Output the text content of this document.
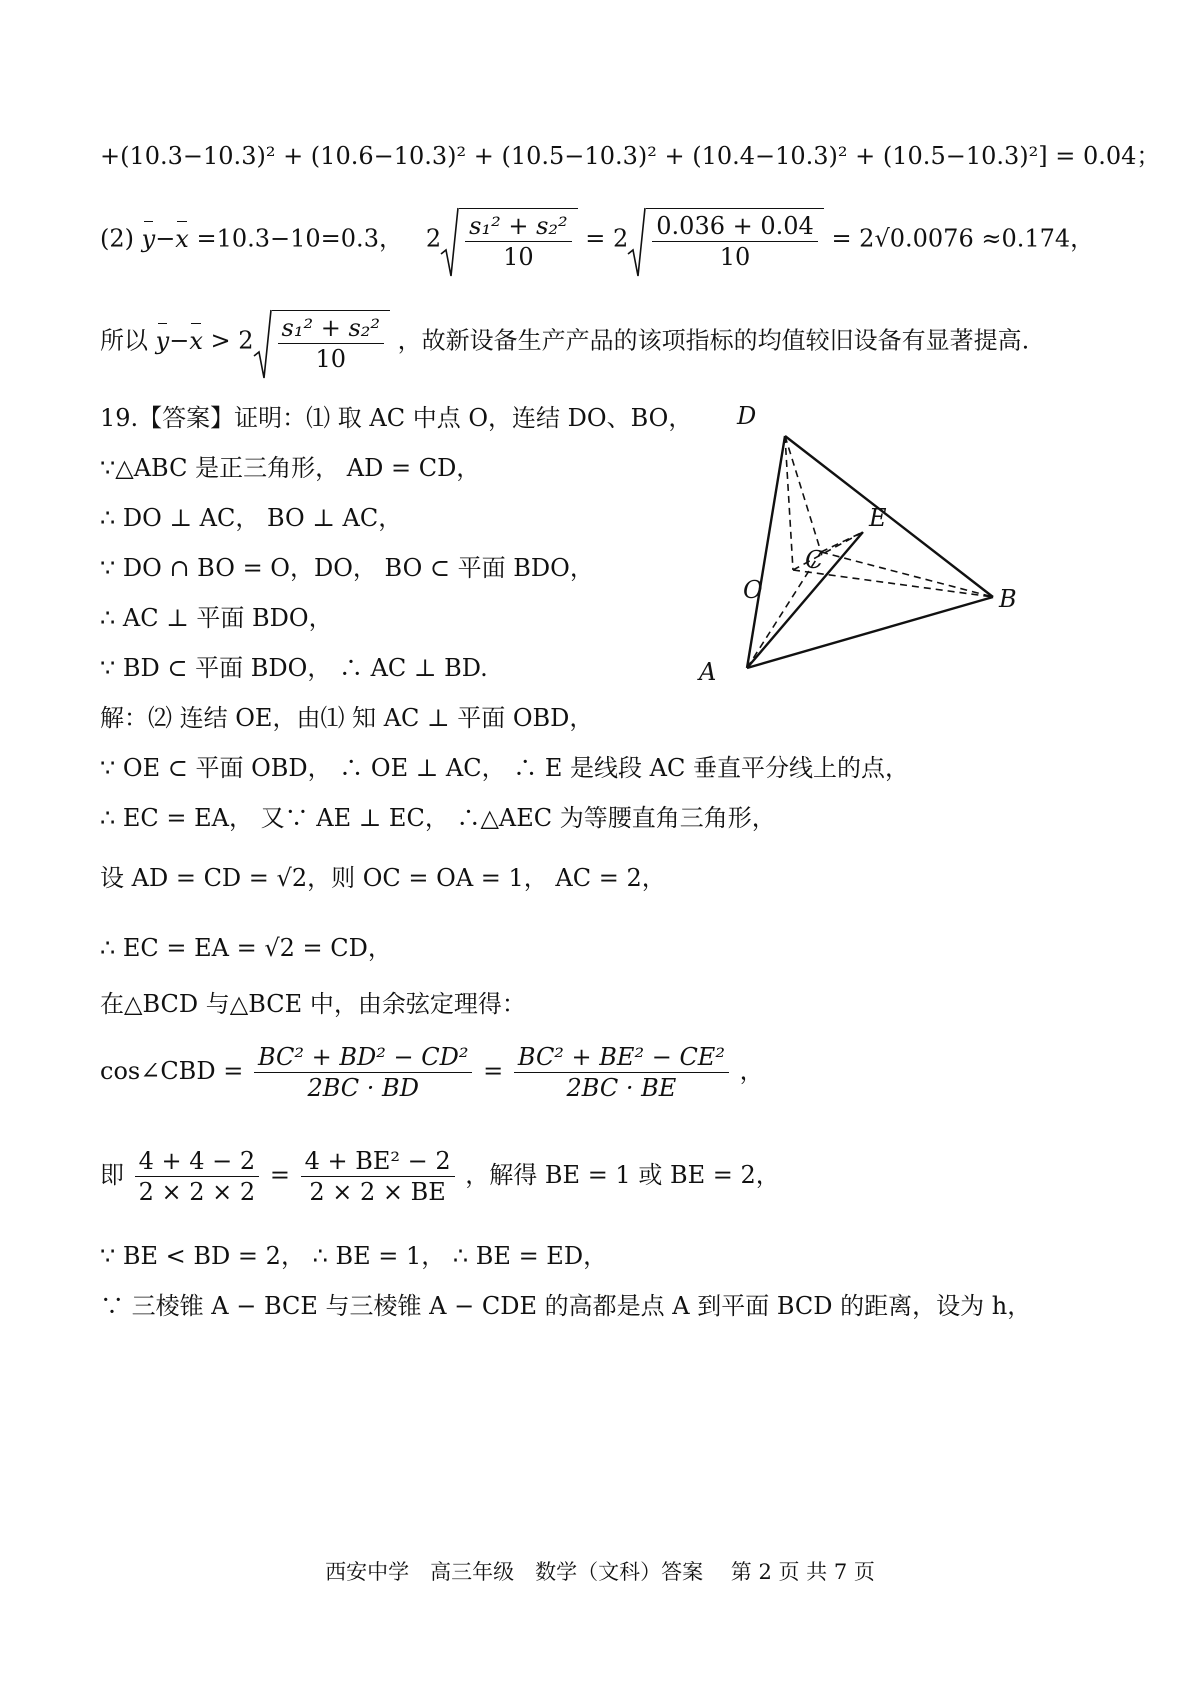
+(10.3−10.3)² + (10.6−10.3)² + (10.5−10.3)² + (10.4−10.3)² + (10.5−10.3)²] = 0.04；
(2) y−x =10.3−10=0.3， $2 \frac{\text{s₁² + s₂²}}{10} = 2 \frac{0.036 + 0.04}{10} = 2√0.0076 \approx 0.174$，
所以 $y-x > 2 \frac{\text{s₁² + s₂²}}{10}$ ，故新设备生产产品的该项指标的均值较旧设备有显著提高.
19.【答案】证明：⑴ 取 AC 中点 O，连结 DO、BO，
∵△ABC 是正三角形， AD = CD，
∴ DO ⊥ AC， BO ⊥ AC，
∵ DO ∩ BO = O，DO， BO ⊂ 平面 BDO，
∴ AC ⊥ 平面 BDO，
∵ BD ⊂ 平面 BDO， ∴ AC ⊥ BD.
解：⑵ 连结 OE，由⑴ 知 AC ⊥ 平面 OBD，
∵ OE ⊂ 平面 OBD， ∴ OE ⊥ AC， ∴ E 是线段 AC 垂直平分线上的点，
∴ EC = EA， 又∵ AE ⊥ EC， ∴△AEC 为等腰直角三角形，
设 AD = CD = √2，则 OC = OA = 1， AC = 2，
∴ EC = EA = √2 = CD，
在△BCD 与△BCE 中，由余弦定理得：
cos∠CBD = $\frac{\text{BC² + BD² − CD²}}{2BC \cdot BD} = \frac{\text{BC² + BE² − CE²}}{2BC \cdot BE}$ ，
即 $\frac{4 + 4 - 2}{2 \times 2 \times 2} = \frac{\text{4 + BE² − 2}}{2 \times 2 \times BE}$ ，解得 BE = 1 或 BE = 2，
∵ BE < BD = 2， ∴ BE = 1， ∴ BE = ED，
∵ 三棱锥 A − BCE 与三棱锥 A − CDE 的高都是点 A 到平面 BCD 的距离，设为 h，
D
E
C
O	B
A
西安中学　高三年级　数学（文科）答案　 第 2 页 共 7 页
